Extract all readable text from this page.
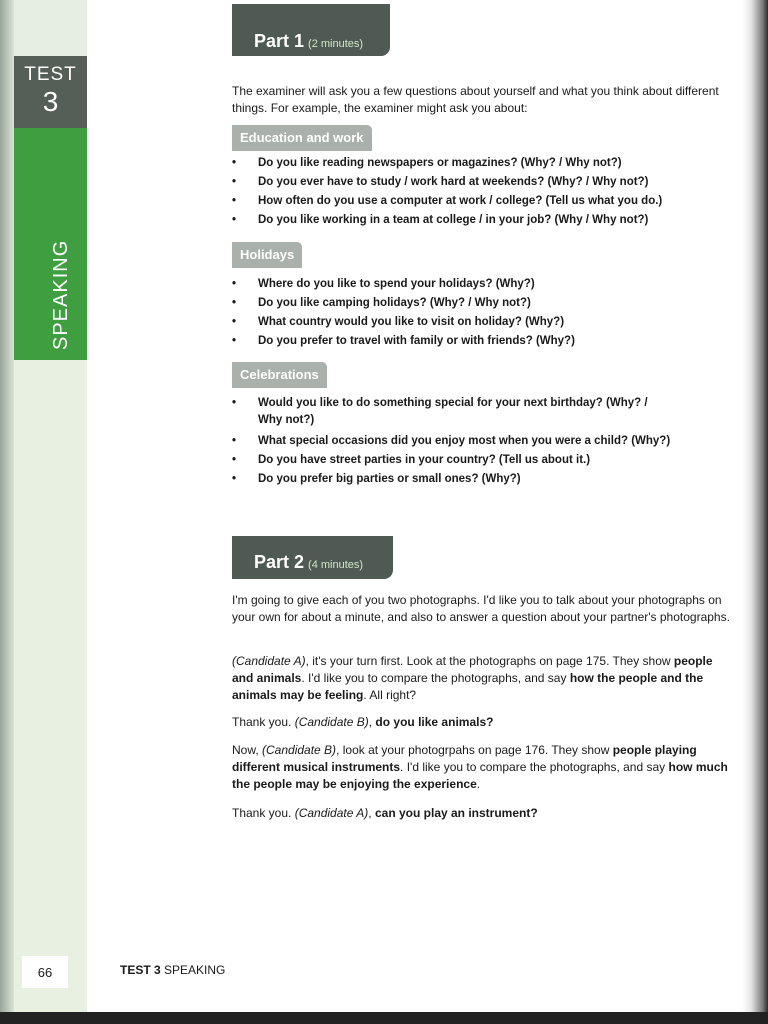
TEST
3
SPEAKING
66
Part 1 (2 minutes)
The examiner will ask you a few questions about yourself and what you think about different things. For example, the examiner might ask you about:
Education and work
• Do you like reading newspapers or magazines? (Why? / Why not?)
• Do you ever have to study / work hard at weekends? (Why? / Why not?)
• How often do you use a computer at work / college? (Tell us what you do.)
• Do you like working in a team at college / in your job? (Why / Why not?)
Holidays
• Where do you like to spend your holidays? (Why?)
• Do you like camping holidays? (Why? / Why not?)
• What country would you like to visit on holiday? (Why?)
• Do you prefer to travel with family or with friends? (Why?)
Celebrations
• Would you like to do something special for your next birthday? (Why? / Why not?)
• What special occasions did you enjoy most when you were a child? (Why?)
• Do you have street parties in your country? (Tell us about it.)
• Do you prefer big parties or small ones? (Why?)
Part 2 (4 minutes)
I'm going to give each of you two photographs. I'd like you to talk about your photographs on your own for about a minute, and also to answer a question about your partner's photographs.
(Candidate A), it's your turn first. Look at the photographs on page 175. They show people and animals. I'd like you to compare the photographs, and say how the people and the animals may be feeling. All right?
Thank you. (Candidate B), do you like animals?
Now, (Candidate B), look at your photogrpahs on page 176. They show people playing different musical instruments. I'd like you to compare the photographs, and say how much the people may be enjoying the experience.
Thank you. (Candidate A), can you play an instrument?
TEST 3 SPEAKING
